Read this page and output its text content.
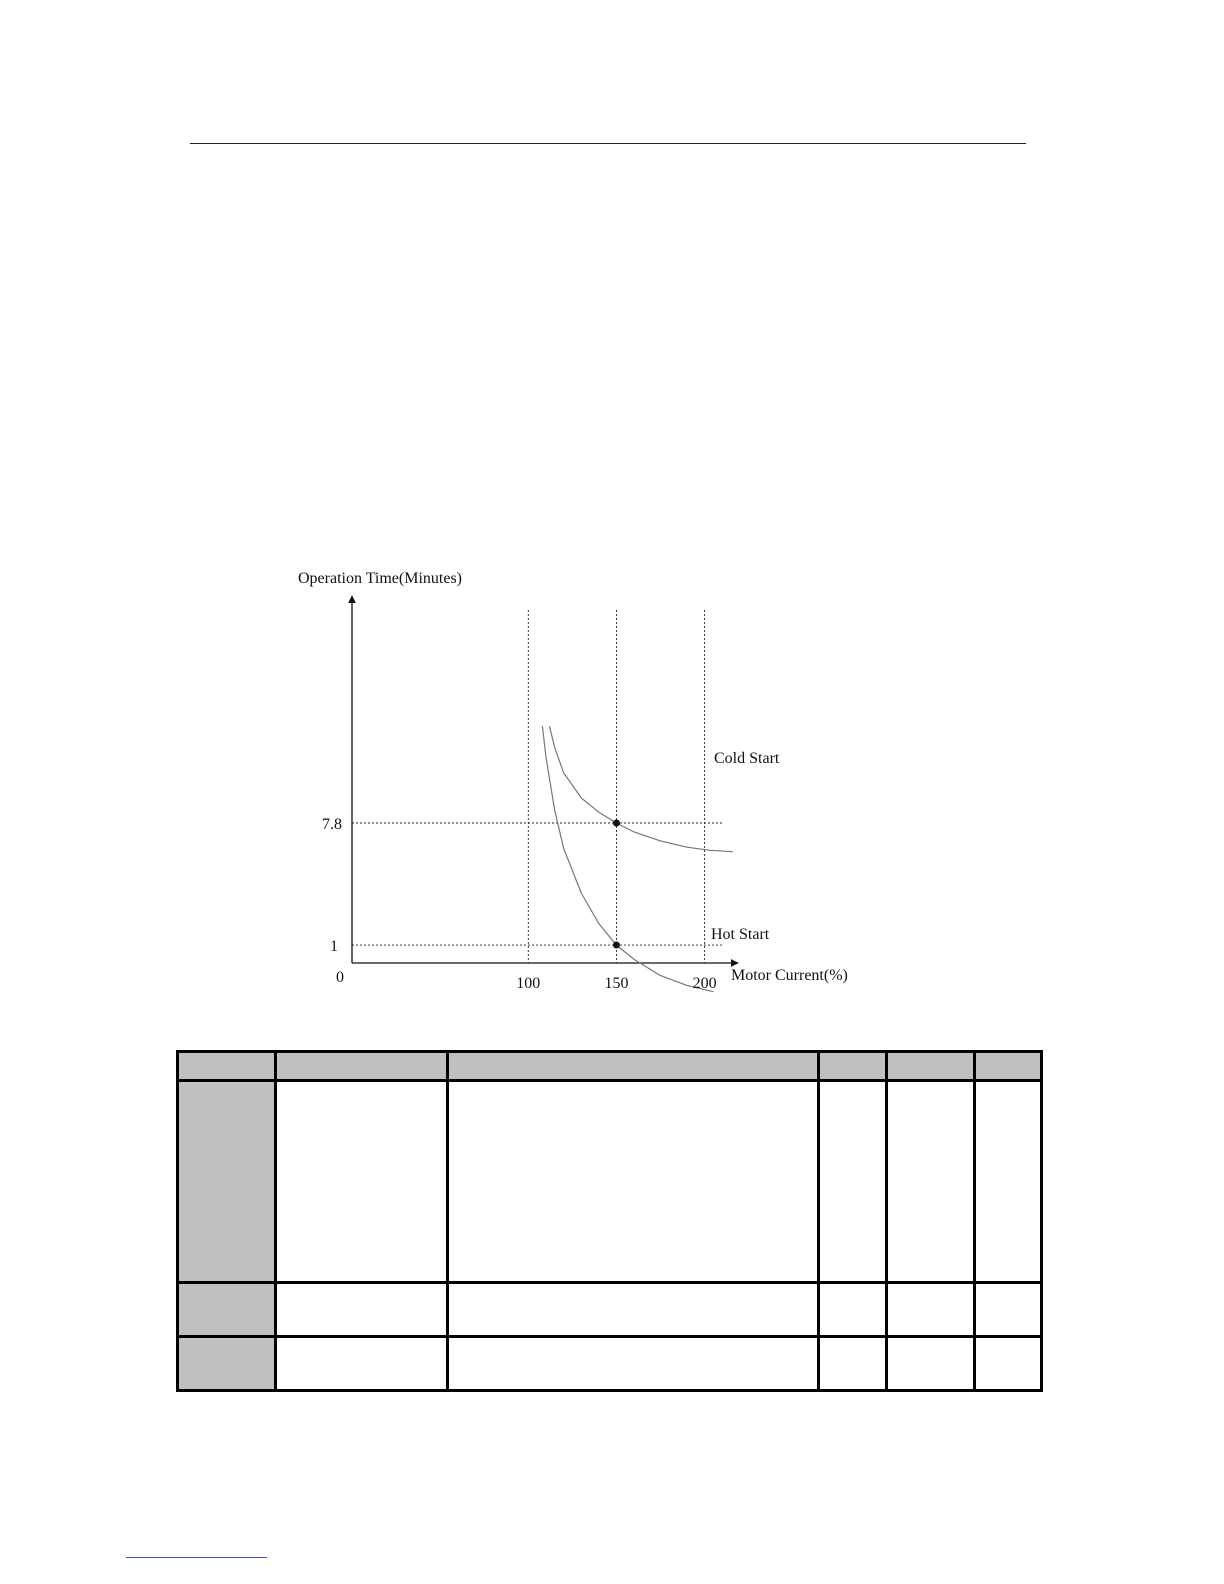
Operation Time(Minutes)
Motor Current(%)
0	100	150	200
7.8
1
Cold Start
Hot Start
